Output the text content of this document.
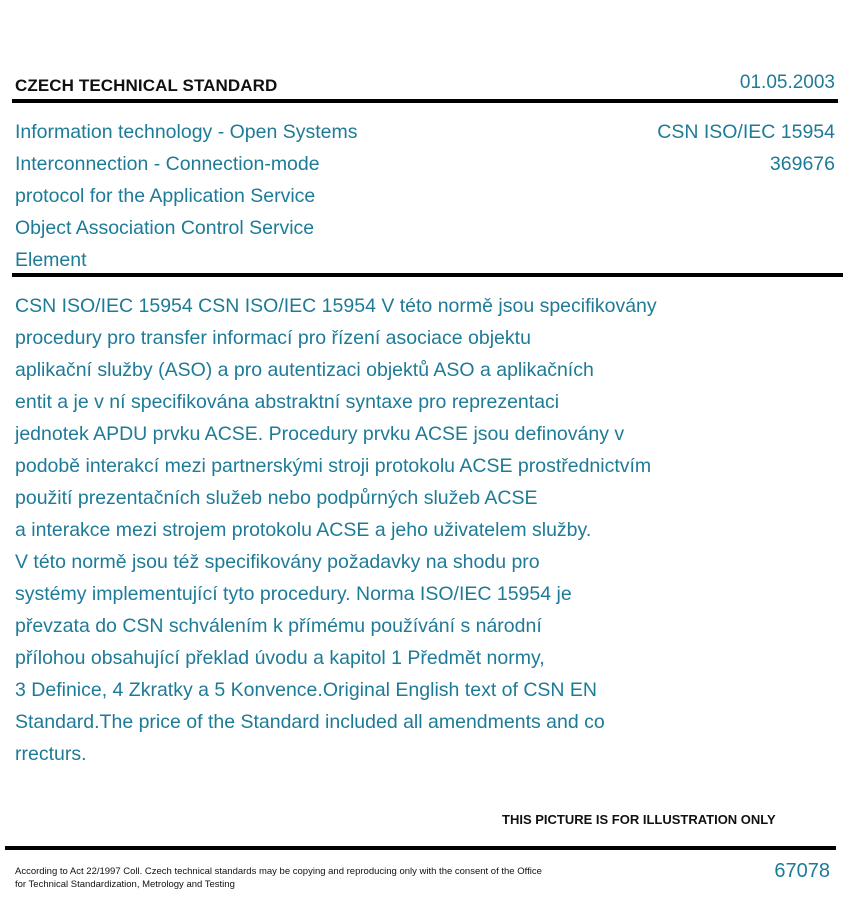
CZECH TECHNICAL STANDARD	01.05.2003
Information technology - Open Systems
Interconnection - Connection-mode
protocol for the Application Service
Object Association Control Service
Element
CSN ISO/IEC 15954
369676
CSN ISO/IEC 15954 CSN ISO/IEC 15954 V této normě jsou specifikovány
procedury pro transfer informací pro řízení asociace objektu
aplikační služby (ASO) a pro autentizaci objektů ASO a aplikačních
entit a je v ní specifikována abstraktní syntaxe pro reprezentaci
jednotek APDU prvku ACSE. Procedury prvku ACSE jsou definovány v
podobě interakcí mezi partnerskými stroji protokolu ACSE prostřednictvím
použití prezentačních služeb nebo podpůrných služeb ACSE
a interakce mezi strojem protokolu ACSE a jeho uživatelem služby.
V této normě jsou též specifikovány požadavky na shodu pro
systémy implementující tyto procedury. Norma ISO/IEC 15954 je
převzata do CSN schválením k přímému používání s národní
přílohou obsahující překlad úvodu a kapitol 1 Předmět normy,
3 Definice, 4 Zkratky a 5 Konvence.Original English text of CSN EN
Standard.The price of the Standard included all amendments and co
rrecturs.
THIS PICTURE IS FOR ILLUSTRATION ONLY
According to Act 22/1997 Coll. Czech technical standards may be copying and reproducing only with the consent of the Office
for Technical Standardization, Metrology and Testing
67078
